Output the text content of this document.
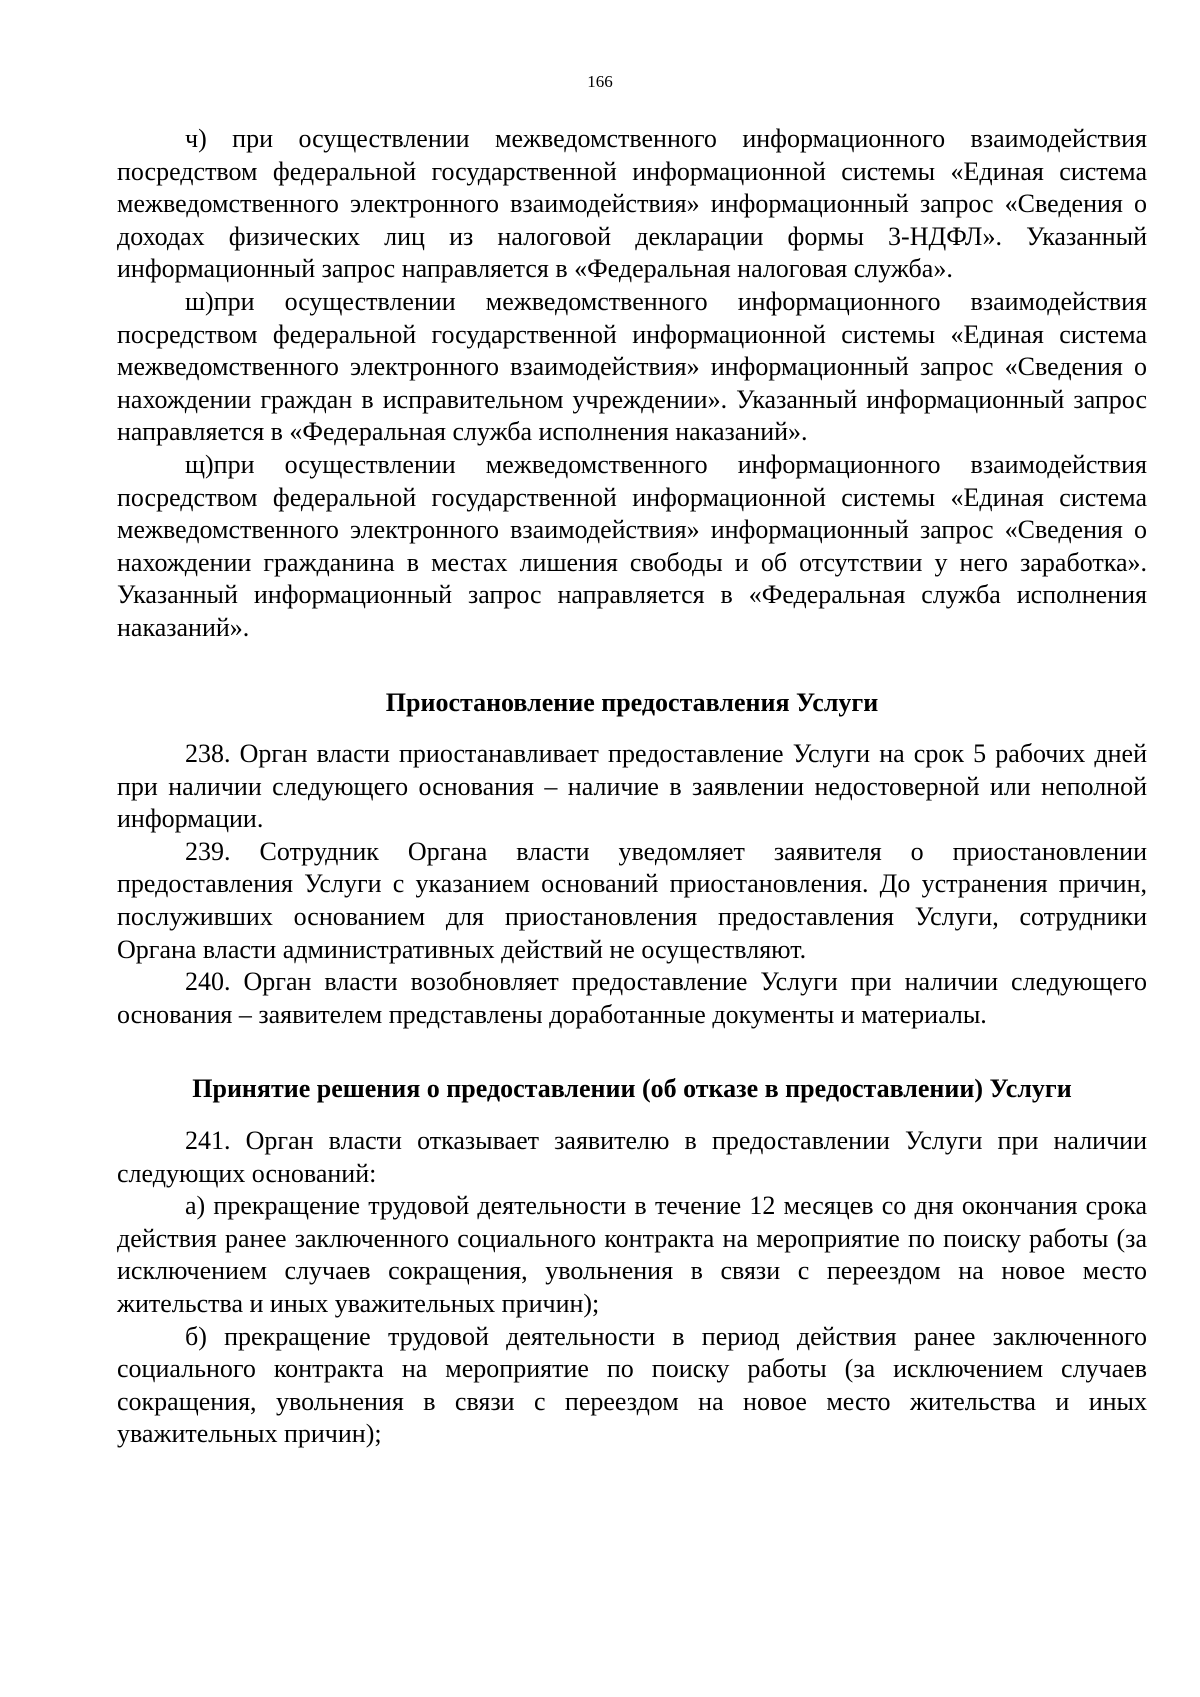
166

ч) при осуществлении межведомственного информационного взаимодействия посредством федеральной государственной информационной системы «Единая система межведомственного электронного взаимодействия» информационный запрос «Сведения о доходах физических лиц из налоговой декларации формы 3-НДФЛ». Указанный информационный запрос направляется в «Федеральная налоговая служба».

ш)при осуществлении межведомственного информационного взаимодействия посредством федеральной государственной информационной системы «Единая система межведомственного электронного взаимодействия» информационный запрос «Сведения о нахождении граждан в исправительном учреждении». Указанный информационный запрос направляется в «Федеральная служба исполнения наказаний».

щ)при осуществлении межведомственного информационного взаимодействия посредством федеральной государственной информационной системы «Единая система межведомственного электронного взаимодействия» информационный запрос «Сведения о нахождении гражданина в местах лишения свободы и об отсутствии у него заработка». Указанный информационный запрос направляется в «Федеральная служба исполнения наказаний».

Приостановление предоставления Услуги

238. Орган власти приостанавливает предоставление Услуги на срок 5 рабочих дней при наличии следующего основания – наличие в заявлении недостоверной или неполной информации.

239. Сотрудник Органа власти уведомляет заявителя о приостановлении предоставления Услуги с указанием оснований приостановления. До устранения причин, послуживших основанием для приостановления предоставления Услуги, сотрудники Органа власти административных действий не осуществляют.

240. Орган власти возобновляет предоставление Услуги при наличии следующего основания – заявителем представлены доработанные документы и материалы.

Принятие решения о предоставлении (об отказе в предоставлении) Услуги

241. Орган власти отказывает заявителю в предоставлении Услуги при наличии следующих оснований:

а) прекращение трудовой деятельности в течение 12 месяцев со дня окончания срока действия ранее заключенного социального контракта на мероприятие по поиску работы (за исключением случаев сокращения, увольнения в связи с переездом на новое место жительства и иных уважительных причин);

б) прекращение трудовой деятельности в период действия ранее заключенного социального контракта на мероприятие по поиску работы (за исключением случаев сокращения, увольнения в связи с переездом на новое место жительства и иных уважительных причин);
